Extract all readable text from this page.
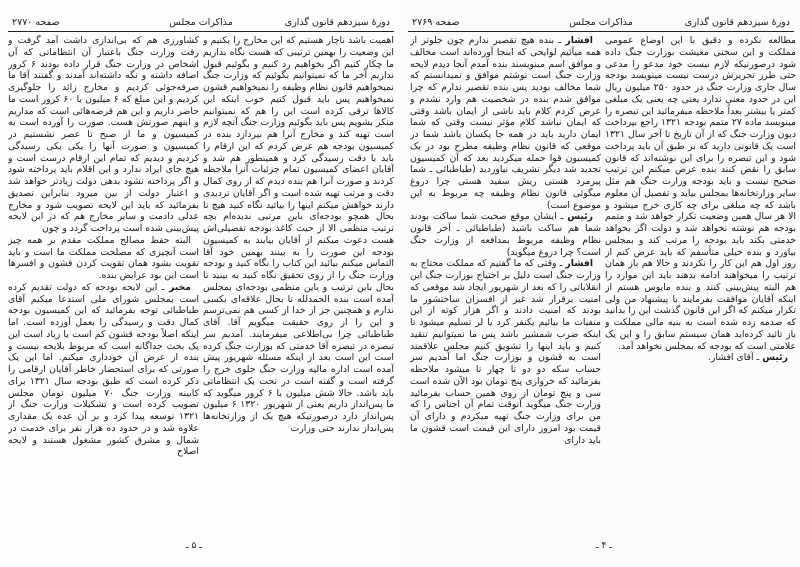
دورهٔ سیزدهم قانون گذاری
مذاکرات مجلس
صفحه ۲۷۷۰

اهمیت باشد ناچار هستیم که این مخارج را بکنیم و این وضعیت را بهمین ترتیبی که هست نگاه بداریم ما چکار کنیم اگر بخواهیم رد کنیم و بگوئیم قبول نداریم آخر ما که نمیتوانیم بگوئیم که وزارت جنگ نمیخواهیم قانون نظام وظیفه را نمیخواهیم قشون نمیخواهیم پس باید قبول کنیم خوب اینکه این کالاها ترقی کرده است این را هم که نمیتوانیم منکر بشویم پس باید بگوئیم وزارت جنگ آنچه لازم است تهیه کند و مخارج آنرا هم بپردازد بنده در کمیسیون بودجه هم عرض کردم که این ارقام را باید با دقت رسیدگی کرد و همینطور هم شد و آقایان اعضای کمیسیون تمام جزئیات آنرا ملاحظه کردند و صورت آنرا هم بنده دیدم که از روی کمال دقت و مرتب تهیه شده است و اگر آقایان تردیدی دارند خواهش میکنم اینها را بیائید نگاه کنید هیچ تا بحال همچو بودجه‌ای باین مرتبی ندیده‌ام بچه ترتیب منظمی الا از حیث کاغذ بودجه تفصیلی‌اش هست دعوت میکنم از آقایان بیایند به کمیسیون بودجه این صورت را به بینند بهمین خود آقا التماس میکنم بیائید این کتاب را نگاه کنید و بودجه وزارت جنگ را از روی تحقیق نگاه کنید به بینید تا بحال باین ترتیب و باین منظمی بودجه‌ای بمجلس آمده است بنده الحمدلله تا بحال علاقه‌ای بکسی ندارم و همچنین جز از خدا از کسی هم نمی‌ترسم و این را از روی حقیقت میگویم آقا. آقای طباطبائی چرا بی‌اطلاعی میفرمایند. آمدیم سر تبصره در تبصره آقا خدمتی که بوزارت جنگ کرده است این است بعد از اینکه مسئله شهریور پیش آمده است اداره مالیه وزارت جنگ جلوی خرج را گرفته است و گفته است در تحت یک انتظاماتی باید باشد. حالا شش میلیون یا ۶ کرور میگوید که ما پس‌انداز داریم یعنی از شهریور ۱۳۲۰ ۶ میلیون پس‌انداز دارد درصورتیکه هیچ یک از وزارتخانه‌ها پس‌انداز ندارند حتی وزارت

کشاورزی هم که بی‌اندازی داشت آمد گرفت و رفت وزارت جنگ باعتبار آن انتظاماتی که آن اشخاص در وزارت جنگ قرار داده بودند ۶ کرور اضافه داشته و نگه داشته‌اند آمدند و گفتند آقا ما صرفه‌جوئی کردیم و مخارج زائد را جلوگیری کردیم و این مبلغ که ۶ میلیون یا ۶۰ کرور است ما حاضر داریم و این هم قرضه‌هائی است که مداریم و اینهم صورتش هست. صورت را آورده است به کمیسیون و ما از صبح تا عصر نشستیم در کمیسیون و صورت آنها را یکی یکی رسیدگی کردیم و دیدیم که تمام این ارقام درست است و هیچ جای ایراد ندارد و این اقلام باید پرداخته شود و اگر پرداخته نشود بدهی دولت زیادتر خواهد شد و اعتبار دولت از بین میرود بنابراین تصدیق بفرمائید که باید این لایحه تصویب شود و مخارج عدلی دادمت و سایر مخارج هم که در این لایحه پیش‌بینی شده است پرداخت گردد و چون

البته حفظ مصالح مملکت مقدم بر همه چیز است آنچیزی که مصلحت مملکت ما است و باید تقویت بشود همان تقویت کردن قشون و افسرها است این بود عرایض بنده.

مخبر ـ این لایحه بودجه که دولت تقدیم کرده است بمجلس شورای ملی استدعا میکنم آقای طباطبائی توجه بفرمائید که این کمیسیون بودجه کمال دقت و رسیدگی را بعمل آورده است. اما اینکه اصلاً بودجه قشون کم است یا زیاد است این یک بحث جداگانه است که مربوط بلایحه نیست و بنده از عرض آن خودداری میکنم. اما این یک صورتی که برای استحضار خاطر آقایان ارقامی را ذکر کرده است که طبق بودجه سال ۱۳۲۱ برای کابینه وزارت جنگ ۷۰ میلیون تومان مجلس تصویب کرده است و تشکیلات وزارت جنگ از ۱۳۲۱ توسعه پیدا کرد و بر آن عده یک مقداری علاوه شد و در حدود ده هزار نفر برای خدمت در شمال و مشرق کشور مشغول هستند و لایحه اصلاح

ـ ۵ ـ
دورهٔ سیزدهم قانون گذاری
مذاکرات مجلس
صفحه ۲۷۶۹

مطالعه نکرده و دقیق با این اوضاع عمومی مملکت و این سختی معیشت بوزارت جنگ داده شود درصورتیکه لازم نیست خود مدعو را مدعی حتی طرز تحریرش درست نیست مینویسد بودجه سال جاری وزارت جنگ در حدود ۲۵۰ میلیون ریال این در حدود معنی ندارد یعنی چه یعنی یک مبلغی کمتر یا بیشتر بعداً ملاحظه میفرمائید این تبصره را مینویسد ماده ۲۷ متمم بودجه ۱۳۲۱ راجع بپرداخت دیون وزارت جنگ که از آن تاریخ تا آخر سال ۱۳۲۱ است یک قانونی دارید که بر طبق آن باید پرداخت شود و این تبصره را برای این نوشته‌اند که قانون سابق را نقض کنند بنده عرض میکنم این ترتیب صحیح نیست و باید بودجه وزارت جنگ هم مثل سایر وزارتخانه‌ها بمجلس بیاید و تفصیل آن معلوم باشد که چه مبلغی برای چه کاری خرج میشود و الا هر سال همین وضعیت تکرار خواهد شد و متمم بودجه هم نوشته نخواهد شد و دولت اگر بخواهد خدمتی بکند باید بودجه را مرتب کند و بمجلس بیاورد و بنده خیلی متأسفم که باید عرض کنم از روز اول هم این کار را نکردند و حالا هم باز همان ترتیب را میخواهند ادامه بدهند باید این موارد را هم البته پیش‌بینی کنند و بنده مایوس هستم از اینکه آقایان موافقت بفرمایند با پیشنهاد من ولی تکرار میکنم که اگر این قانون گذشت این را بدانید که صدمه زده شده است به بنیه مالی مملکت و باز تائید کرده‌اید همان سیستم سابق را و این یک علامتی است که بودجه که بمجلس نخواهد آمد.

رئیس ـ آقای افشار.

افشار ـ بنده هیچ تقصیر ندارم چون جلوتر از همه میآئیم لوایحی که اینجا آورده‌اند است مخالف و موافق اسم مینویسند بنده آمدم آنجا دیدم لایحه وزارت جنگ است نوشتم موافق و نمیدانستم که شما مخالف بودید پس بنده تقصیر ندارم که چرا موافق شدم بنده در شخصیت هم وارد نشدم و عرض کردم کلام باید ناشی از ایمان باشد وقتی که ایمان نباشد کلام مؤثر نیست وقتی که شما ایمان دارید باید در همه جا یکسان باشد شما در موقعی که قانون نظام وظیفه مطرح بود در یک کمیسیون قوا حمله میکردید بعد که آن کمیسیون تجدید شد دیگر تشریف نیاوردید (طباطبائی ـ شما پیرمرد هستی ریش سفید هستی چرا دروغ میگوئی قانون نظام وظیفه چه مربوط به این موضوع است)

رئیس ـ ایشان موقع صحبت شما ساکت بودند شما هم ساکت باشید (طباطبائی ـ آخر قانون نظام وظیفه مربوط بمدافعه از وزارت جنگ است؟ چرا دروغ میگوید)

افشار ـ وقتی که ما گفتیم که مملکت محتاج به وزارت جنگ است دلیل بر احتیاج بوزارت جنگ این انقلاباتی را که بعد از شهریور ایجاد شد موقعی که امنیت برقرار شد غیر از افسران ساحتشور ما بودند که امنیت دادند و اگر هزار کوته از این منفیات ما بیائیم یکنفر کرد یا لر تسلیم میشود تا اینکه ضرب شمشیر باشد پس ما نمیتوانیم تنقید کنیم و باید اینها را تشویق کنیم مجلس علاقمند است به قشون و بوزارت جنگ اما آمدیم سر حساب سکه دو دو تا چهار تا میشود ملاحظه بفرمائید که خرواری پنج تومان بود الآن شده است سی و پنج تومان از روی همین حساب بفرمائید وزارت جنگ میگوید آنوقت تمام آن اجناس را که من برای وزارت جنگ تهیه میکردم و دارای آن قیمت بود امروز دارای این قیمت است قشون ما باید دارای

ـ ۴ ـ
